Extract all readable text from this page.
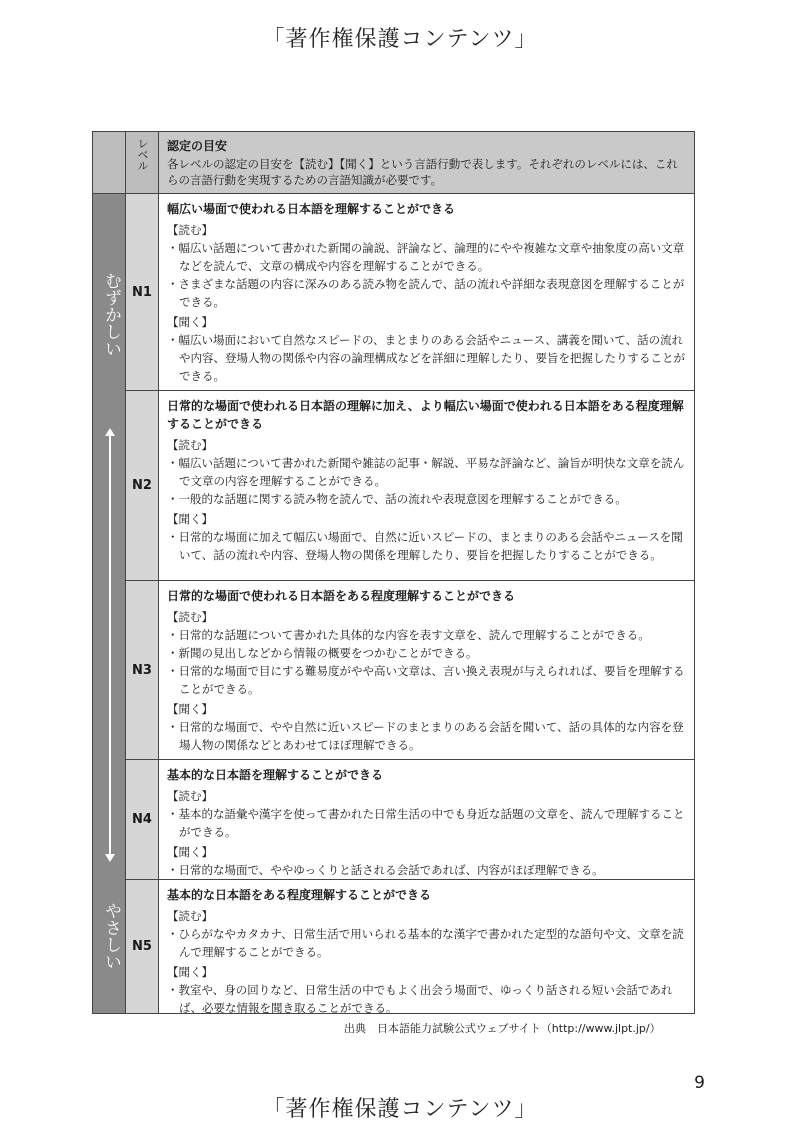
「著作権保護コンテンツ」
レベル	認定の目安
各レベルの認定の目安を【読む】【聞く】という言語行動で表します。それぞれのレベルには、これらの言語行動を実現するための言語知識が必要です。
むずかしい
やさしい
N1
幅広い場面で使われる日本語を理解することができる
【読む】
・ 幅広い話題について書かれた新聞の論説、評論など、論理的にやや複雑な文章や抽象度の高い文章などを読んで、文章の構成や内容を理解することができる。
・ さまざまな話題の内容に深みのある読み物を読んで、話の流れや詳細な表現意図を理解することができる。
【聞く】
・ 幅広い場面において自然なスピードの、まとまりのある会話やニュース、講義を聞いて、話の流れや内容、登場人物の関係や内容の論理構成などを詳細に理解したり、要旨を把握したりすることができる。
N2
日常的な場面で使われる日本語の理解に加え、より幅広い場面で使われる日本語をある程度理解することができる
【読む】
・ 幅広い話題について書かれた新聞や雑誌の記事・解説、平易な評論など、論旨が明快な文章を読んで文章の内容を理解することができる。
・ 一般的な話題に関する読み物を読んで、話の流れや表現意図を理解することができる。
【聞く】
・ 日常的な場面に加えて幅広い場面で、自然に近いスピードの、まとまりのある会話やニュースを聞いて、話の流れや内容、登場人物の関係を理解したり、要旨を把握したりすることができる。
N3
日常的な場面で使われる日本語をある程度理解することができる
【読む】
・ 日常的な話題について書かれた具体的な内容を表す文章を、読んで理解することができる。
・ 新聞の見出しなどから情報の概要をつかむことができる。
・ 日常的な場面で目にする難易度がやや高い文章は、言い換え表現が与えられれば、要旨を理解することができる。
【聞く】
・ 日常的な場面で、やや自然に近いスピードのまとまりのある会話を聞いて、話の具体的な内容を登場人物の関係などとあわせてほぼ理解できる。
N4
基本的な日本語を理解することができる
【読む】
・ 基本的な語彙や漢字を使って書かれた日常生活の中でも身近な話題の文章を、読んで理解することができる。
【聞く】
・ 日常的な場面で、ややゆっくりと話される会話であれば、内容がほぼ理解できる。
N5
基本的な日本語をある程度理解することができる
【読む】
・ ひらがなやカタカナ、日常生活で用いられる基本的な漢字で書かれた定型的な語句や文、文章を読んで理解することができる。
【聞く】
・ 教室や、身の回りなど、日常生活の中でもよく出会う場面で、ゆっくり話される短い会話であれば、必要な情報を聞き取ることができる。
出典　日本語能力試験公式ウェブサイト（http://www.jlpt.jp/）
9
「著作権保護コンテンツ」
